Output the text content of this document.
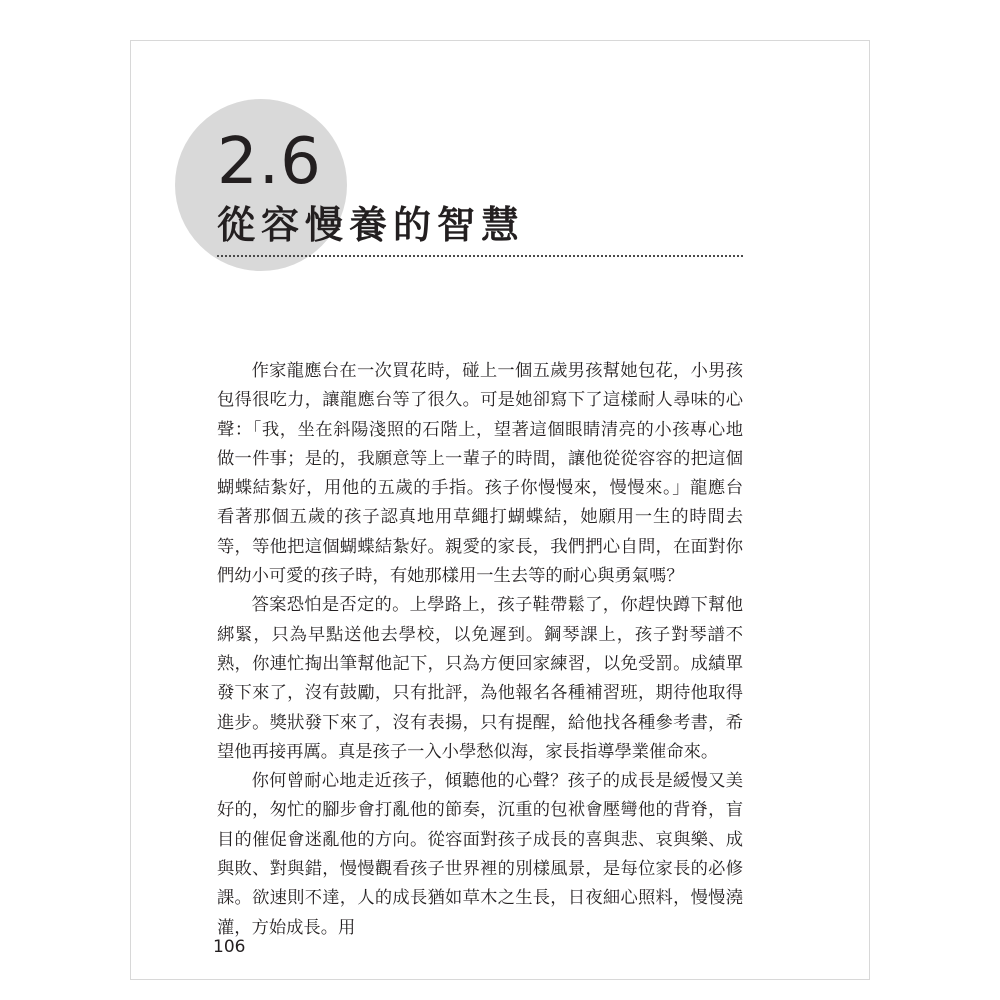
2.6
從容慢養的智慧

作家龍應台在一次買花時，碰上一個五歲男孩幫她包花，小男孩包得很吃力，讓龍應台等了很久。可是她卻寫下了這樣耐人尋味的心聲：「我，坐在斜陽淺照的石階上，望著這個眼睛清亮的小孩專心地做一件事；是的，我願意等上一輩子的時間，讓他從從容容的把這個蝴蝶結紮好，用他的五歲的手指。孩子你慢慢來，慢慢來。」龍應台看著那個五歲的孩子認真地用草繩打蝴蝶結，她願用一生的時間去等，等他把這個蝴蝶結紮好。親愛的家長，我們捫心自問，在面對你們幼小可愛的孩子時，有她那樣用一生去等的耐心與勇氣嗎？

答案恐怕是否定的。上學路上，孩子鞋帶鬆了，你趕快蹲下幫他綁緊，只為早點送他去學校，以免遲到。鋼琴課上，孩子對琴譜不熟，你連忙掏出筆幫他記下，只為方便回家練習，以免受罰。成績單發下來了，沒有鼓勵，只有批評，為他報名各種補習班，期待他取得進步。獎狀發下來了，沒有表揚，只有提醒，給他找各種參考書，希望他再接再厲。真是孩子一入小學愁似海，家長指導學業催命來。

你何曾耐心地走近孩子，傾聽他的心聲？孩子的成長是緩慢又美好的，匆忙的腳步會打亂他的節奏，沉重的包袱會壓彎他的背脊，盲目的催促會迷亂他的方向。從容面對孩子成長的喜與悲、哀與樂、成與敗、對與錯，慢慢觀看孩子世界裡的別樣風景，是每位家長的必修課。欲速則不達，人的成長猶如草木之生長，日夜細心照料，慢慢澆灌，方始成長。用

106
